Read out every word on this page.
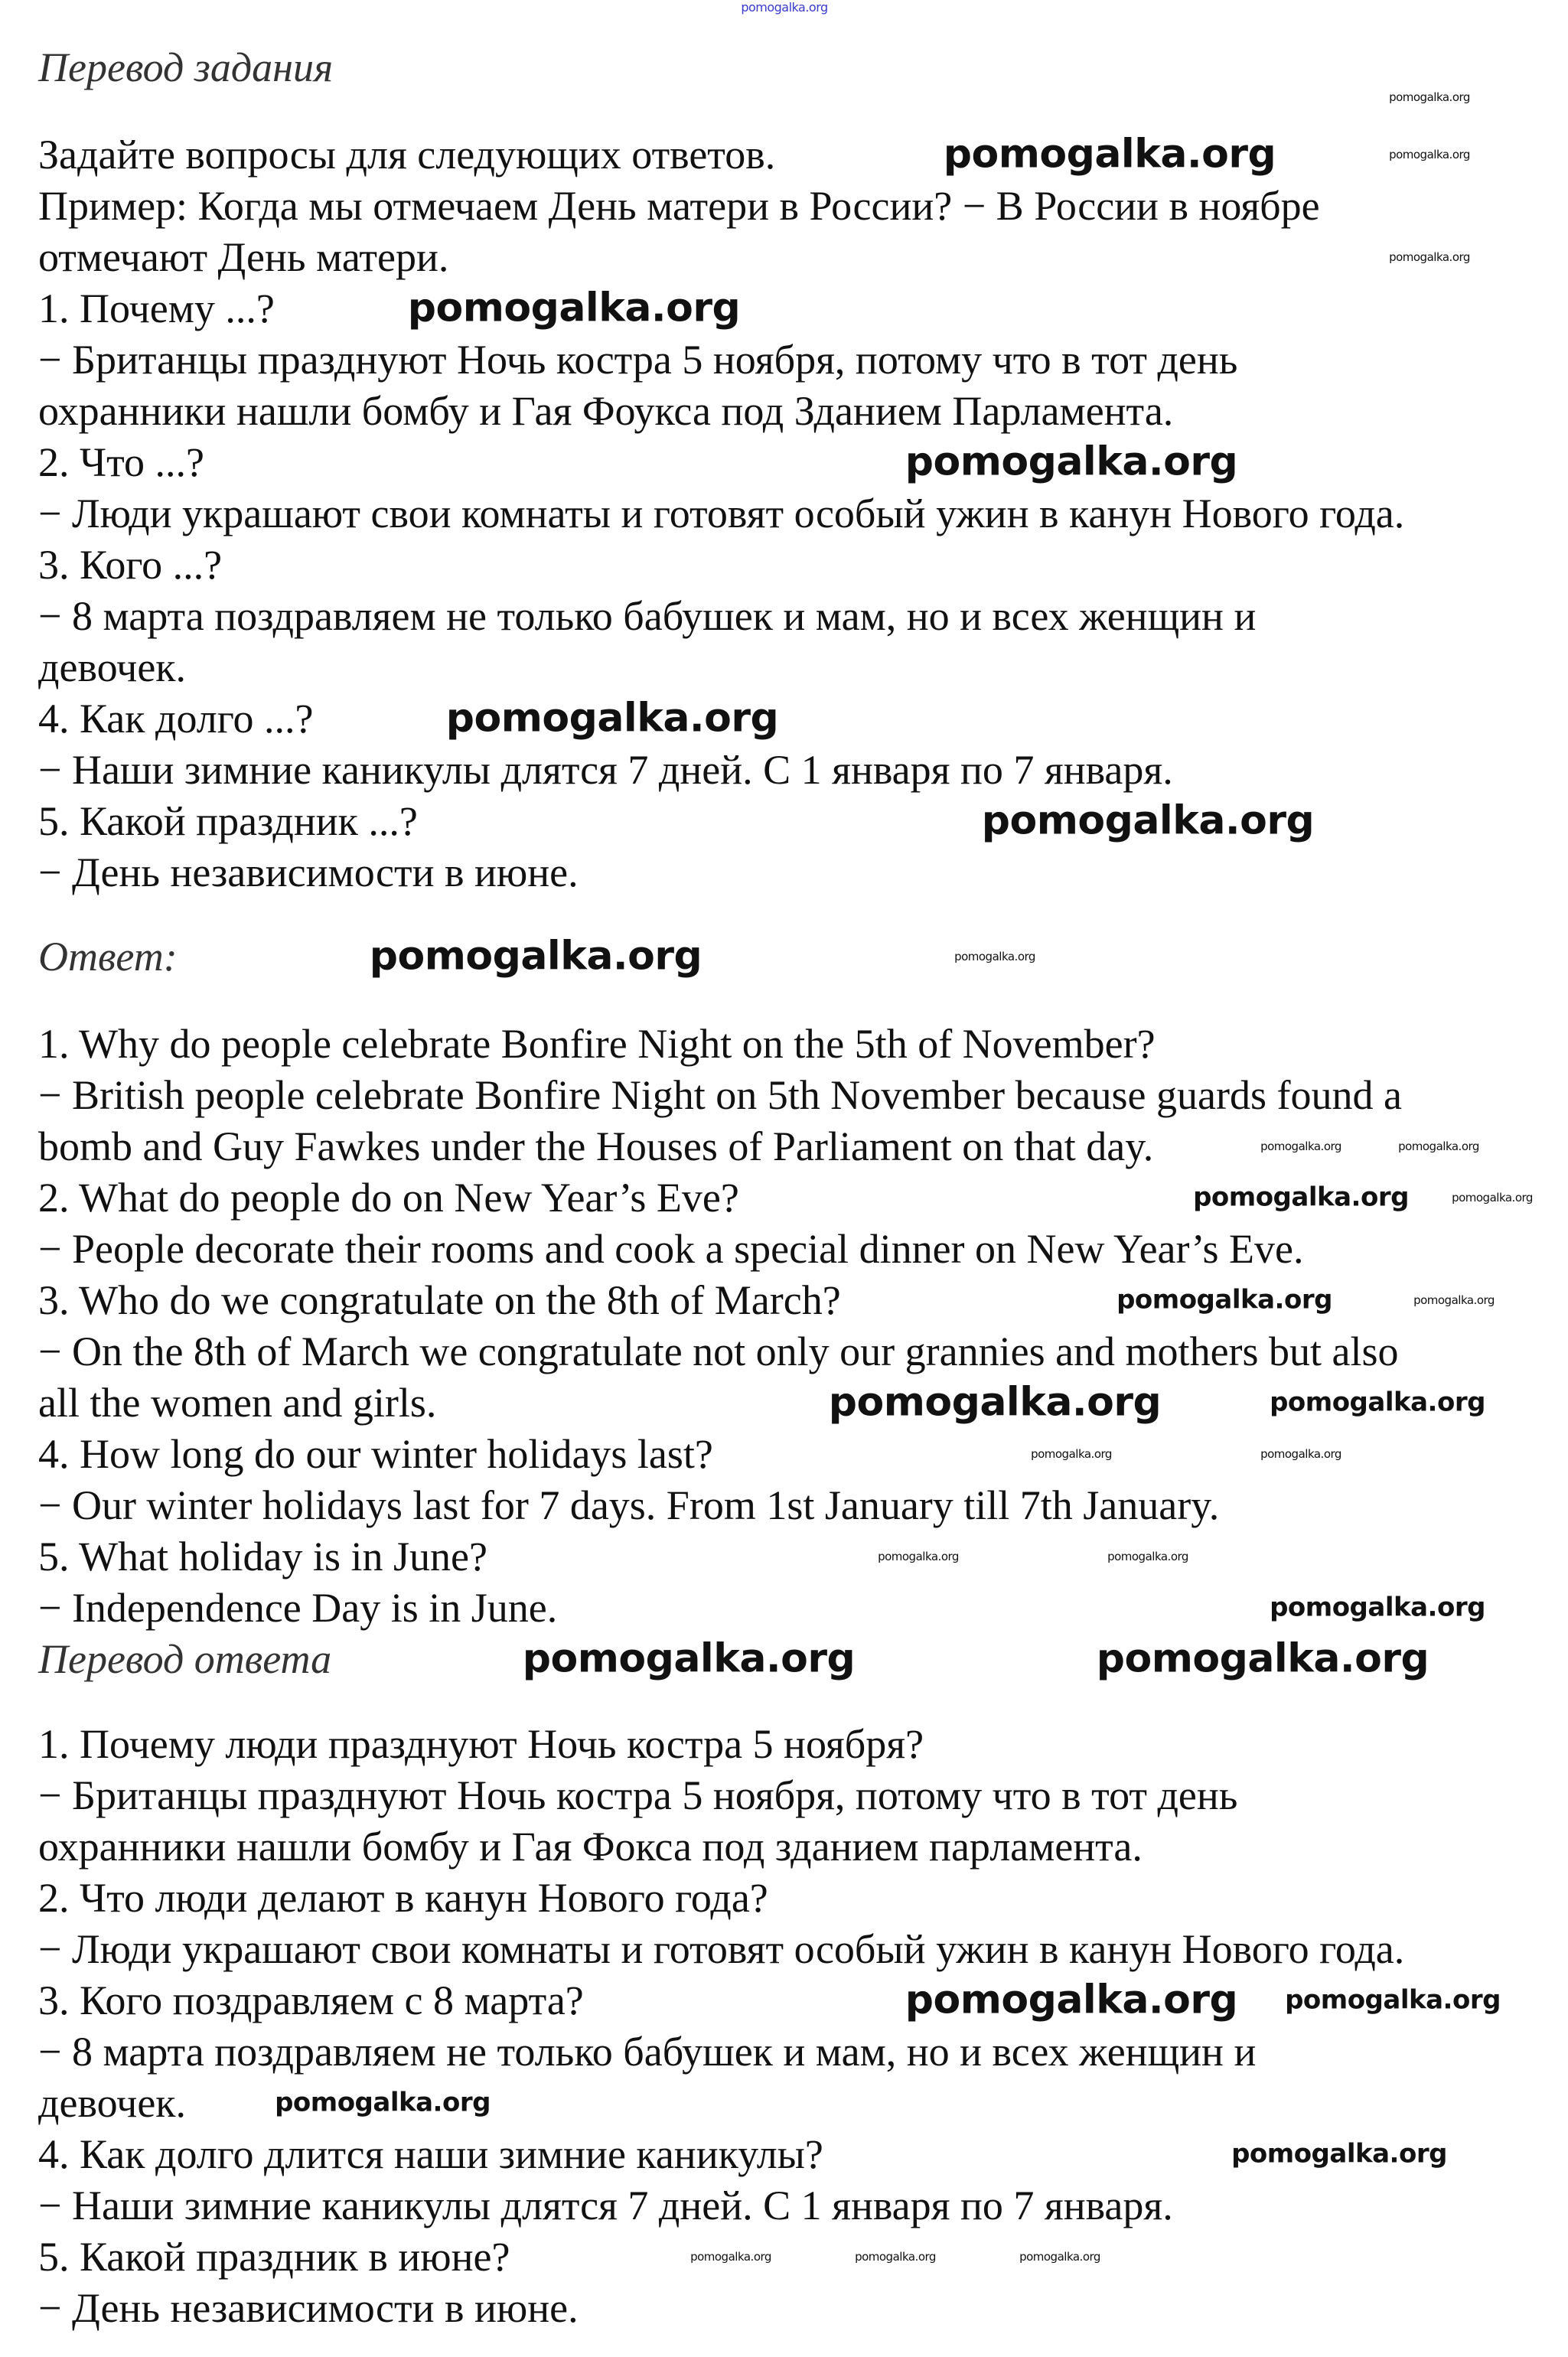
Перевод задания
Задайте вопросы для следующих ответов.
Пример: Когда мы отмечаем День матери в России? − В России в ноябре
отмечают День матери.
1. Почему ...?
− Британцы празднуют Ночь костра 5 ноября, потому что в тот день
охранники нашли бомбу и Гая Фоукса под Зданием Парламента.
2. Что ...?
− Люди украшают свои комнаты и готовят особый ужин в канун Нового года.
3. Кого ...?
− 8 марта поздравляем не только бабушек и мам, но и всех женщин и
девочек.
4. Как долго ...?
− Наши зимние каникулы длятся 7 дней. С 1 января по 7 января.
5. Какой праздник ...?
− День независимости в июне.
Ответ:
1. Why do people celebrate Bonfire Night on the 5th of November?
− British people celebrate Bonfire Night on 5th November because guards found a
bomb and Guy Fawkes under the Houses of Parliament on that day.
2. What do people do on New Year’s Eve?
− People decorate their rooms and cook a special dinner on New Year’s Eve.
3. Who do we congratulate on the 8th of March?
− On the 8th of March we congratulate not only our grannies and mothers but also
all the women and girls.
4. How long do our winter holidays last?
− Our winter holidays last for 7 days. From 1st January till 7th January.
5. What holiday is in June?
− Independence Day is in June.
Перевод ответа
1. Почему люди празднуют Ночь костра 5 ноября?
− Британцы празднуют Ночь костра 5 ноября, потому что в тот день
охранники нашли бомбу и Гая Фокса под зданием парламента.
2. Что люди делают в канун Нового года?
− Люди украшают свои комнаты и готовят особый ужин в канун Нового года.
3. Кого поздравляем с 8 марта?
− 8 марта поздравляем не только бабушек и мам, но и всех женщин и
девочек.
4. Как долго длится наши зимние каникулы?
− Наши зимние каникулы длятся 7 дней. С 1 января по 7 января.
5. Какой праздник в июне?
− День независимости в июне.
pomogalka.org
pomogalka.org
pomogalka.org
pomogalka.org
pomogalka.org
pomogalka.org
pomogalka.org
pomogalka.org
pomogalka.org
pomogalka.org
pomogalka.org
pomogalka.org	pomogalka.org
pomogalka.org
pomogalka.org
pomogalka.org
pomogalka.org
pomogalka.org
pomogalka.org
pomogalka.org
pomogalka.org
pomogalka.org
pomogalka.org
pomogalka.org
pomogalka.org
pomogalka.org
pomogalka.org	pomogalka.org
pomogalka.org	pomogalka.org
pomogalka.org	pomogalka.org	pomogalka.org
